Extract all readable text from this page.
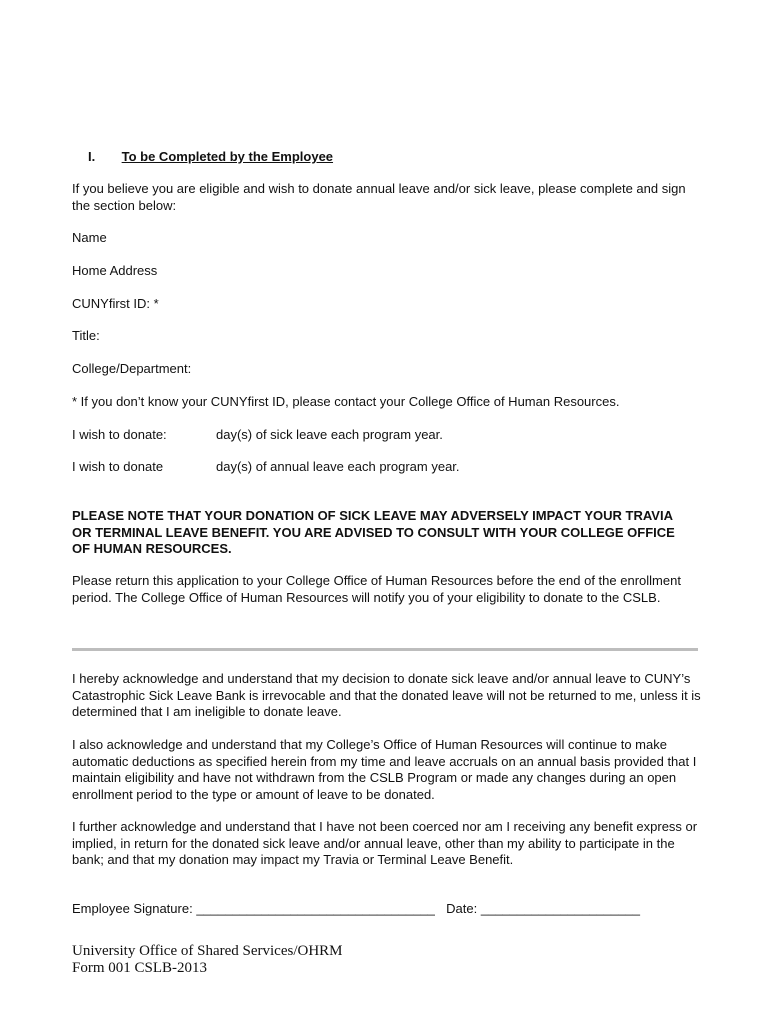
I. To be Completed by the Employee

If you believe you are eligible and wish to donate annual leave and/or sick leave, please complete and sign the section below:

Name
Home Address
CUNYfirst ID: *
Title:
College/Department:
* If you don’t know your CUNYfirst ID, please contact your College Office of Human Resources.
I wish to donate:	day(s) of sick leave each program year.
I wish to donate	day(s) of annual leave each program year.

PLEASE NOTE THAT YOUR DONATION OF SICK LEAVE MAY ADVERSELY IMPACT YOUR TRAVIA OR TERMINAL LEAVE BENEFIT. YOU ARE ADVISED TO CONSULT WITH YOUR COLLEGE OFFICE OF HUMAN RESOURCES.

Please return this application to your College Office of Human Resources before the end of the enrollment period. The College Office of Human Resources will notify you of your eligibility to donate to the CSLB.

I hereby acknowledge and understand that my decision to donate sick leave and/or annual leave to CUNY’s Catastrophic Sick Leave Bank is irrevocable and that the donated leave will not be returned to me, unless it is determined that I am ineligible to donate leave.

I also acknowledge and understand that my College’s Office of Human Resources will continue to make automatic deductions as specified herein from my time and leave accruals on an annual basis provided that I maintain eligibility and have not withdrawn from the CSLB Program or made any changes during an open enrollment period to the type or amount of leave to be donated.

I further acknowledge and understand that I have not been coerced nor am I receiving any benefit express or implied, in return for the donated sick leave and/or annual leave, other than my ability to participate in the bank; and that my donation may impact my Travia or Terminal Leave Benefit.

Employee Signature: _________________________________ Date: ______________________
University Office of Shared Services/OHRM
Form 001 CSLB-2013
